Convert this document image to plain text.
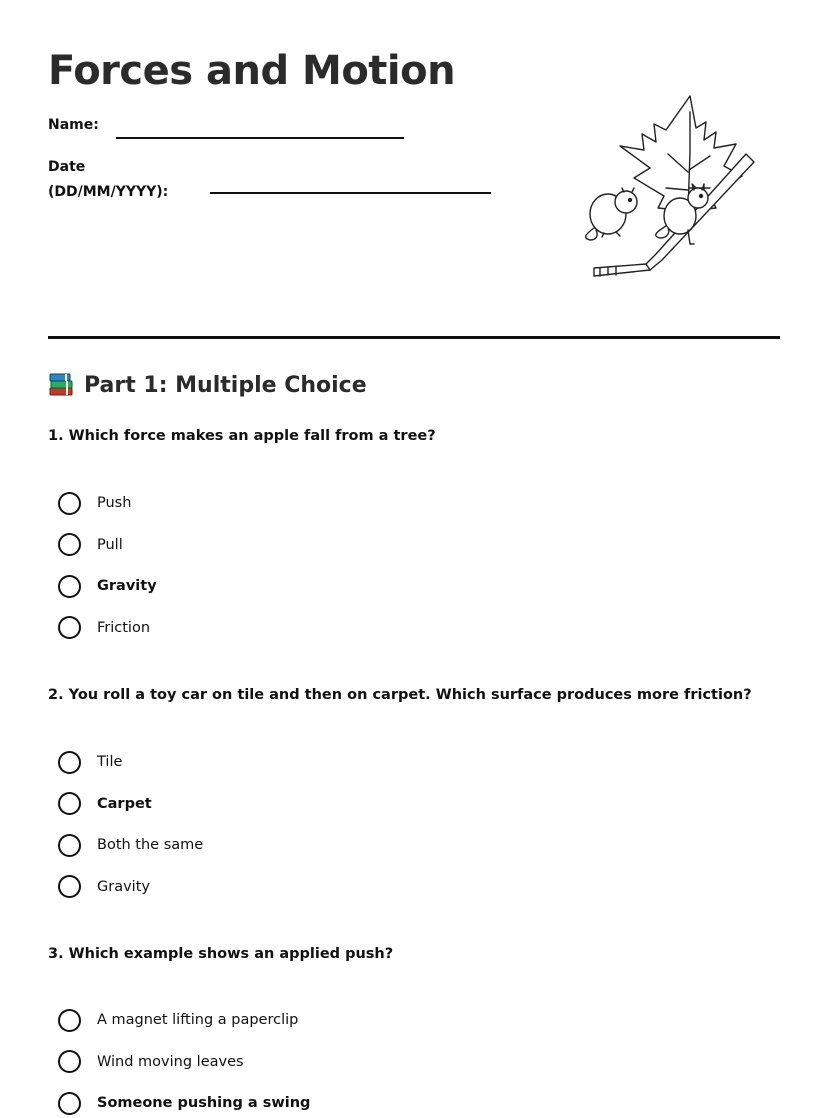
Forces and Motion
Name:
Date
(DD/MM/YYYY):
Part 1: Multiple Choice

1. Which force makes an apple fall from a tree?

Push
Pull
Gravity
Friction

2. You roll a toy car on tile and then on carpet. Which surface produces more friction?

Tile
Carpet
Both the same
Gravity

3. Which example shows an applied push?

A magnet lifting a paperclip
Wind moving leaves
Someone pushing a swing
